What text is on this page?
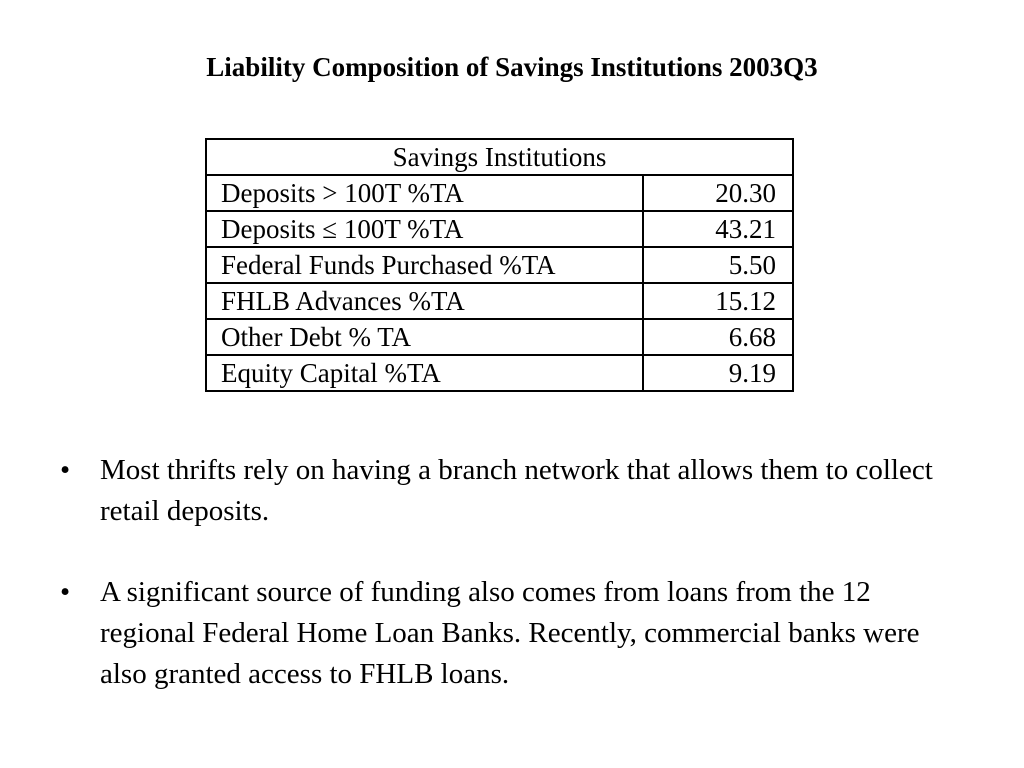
Liability Composition of Savings Institutions 2003Q3
Savings Institutions	
Deposits > 100T %TA	20.30
Deposits ≤ 100T %TA	43.21
Federal Funds Purchased %TA	5.50
FHLB Advances %TA	15.12
Other Debt % TA	6.68
Equity Capital %TA	9.19
• Most thrifts rely on having a branch network that allows them to collect retail deposits.
• A significant source of funding also comes from loans from the 12 regional Federal Home Loan Banks. Recently, commercial banks were also granted access to FHLB loans.
